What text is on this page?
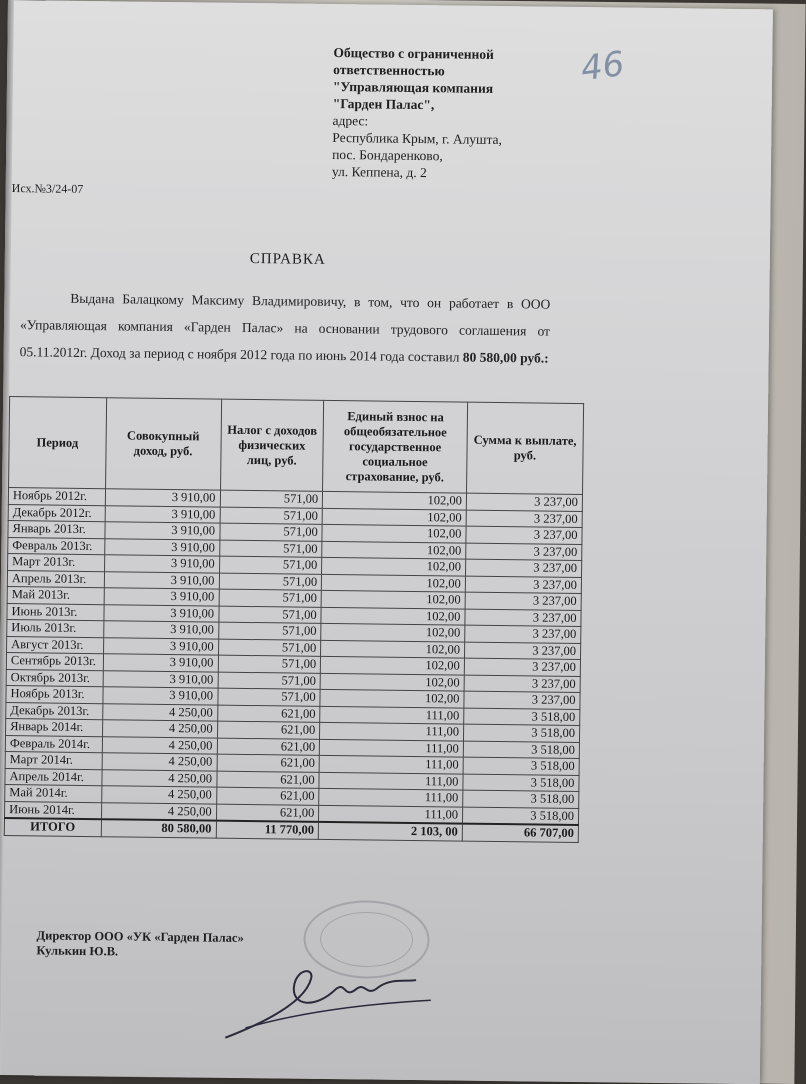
46
Общество с ограниченной
ответственностью
"Управляющая компания
"Гарден Палас",
адрес:
Республика Крым, г. Алушта,
пос. Бондаренково,
ул. Кеппена, д. 2
Исх.№3/24-07
СПРАВКА

Выдана Балацкому Максиму Владимировичу, в том, что он работает в ООО «Управляющая компания «Гарден Палас» на основании трудового соглашения от 05.11.2012г. Доход за период с ноября 2012 года по июнь 2014 года составил 80 580,00 руб.:

Период	Совокупный доход, руб.	Налог с доходов физических лиц, руб.	Единый взнос на общеобязательное государственное социальное страхование, руб.	Сумма к выплате, руб.
Ноябрь 2012г.	3 910,00	571,00	102,00	3 237,00
Декабрь 2012г.	3 910,00	571,00	102,00	3 237,00
Январь 2013г.	3 910,00	571,00	102,00	3 237,00
Февраль 2013г.	3 910,00	571,00	102,00	3 237,00
Март 2013г.	3 910,00	571,00	102,00	3 237,00
Апрель 2013г.	3 910,00	571,00	102,00	3 237,00
Май 2013г.	3 910,00	571,00	102,00	3 237,00
Июнь 2013г.	3 910,00	571,00	102,00	3 237,00
Июль 2013г.	3 910,00	571,00	102,00	3 237,00
Август 2013г.	3 910,00	571,00	102,00	3 237,00
Сентябрь 2013г.	3 910,00	571,00	102,00	3 237,00
Октябрь 2013г.	3 910,00	571,00	102,00	3 237,00
Ноябрь 2013г.	3 910,00	571,00	102,00	3 237,00
Декабрь 2013г.	4 250,00	621,00	111,00	3 518,00
Январь 2014г.	4 250,00	621,00	111,00	3 518,00
Февраль 2014г.	4 250,00	621,00	111,00	3 518,00
Март 2014г.	4 250,00	621,00	111,00	3 518,00
Апрель 2014г.	4 250,00	621,00	111,00	3 518,00
Май 2014г.	4 250,00	621,00	111,00	3 518,00
Июнь 2014г.	4 250,00	621,00	111,00	3 518,00
ИТОГО	80 580,00	11 770,00	2 103, 00	66 707,00
Директор ООО «УК «Гарден Палас»
Кулькин Ю.В.
